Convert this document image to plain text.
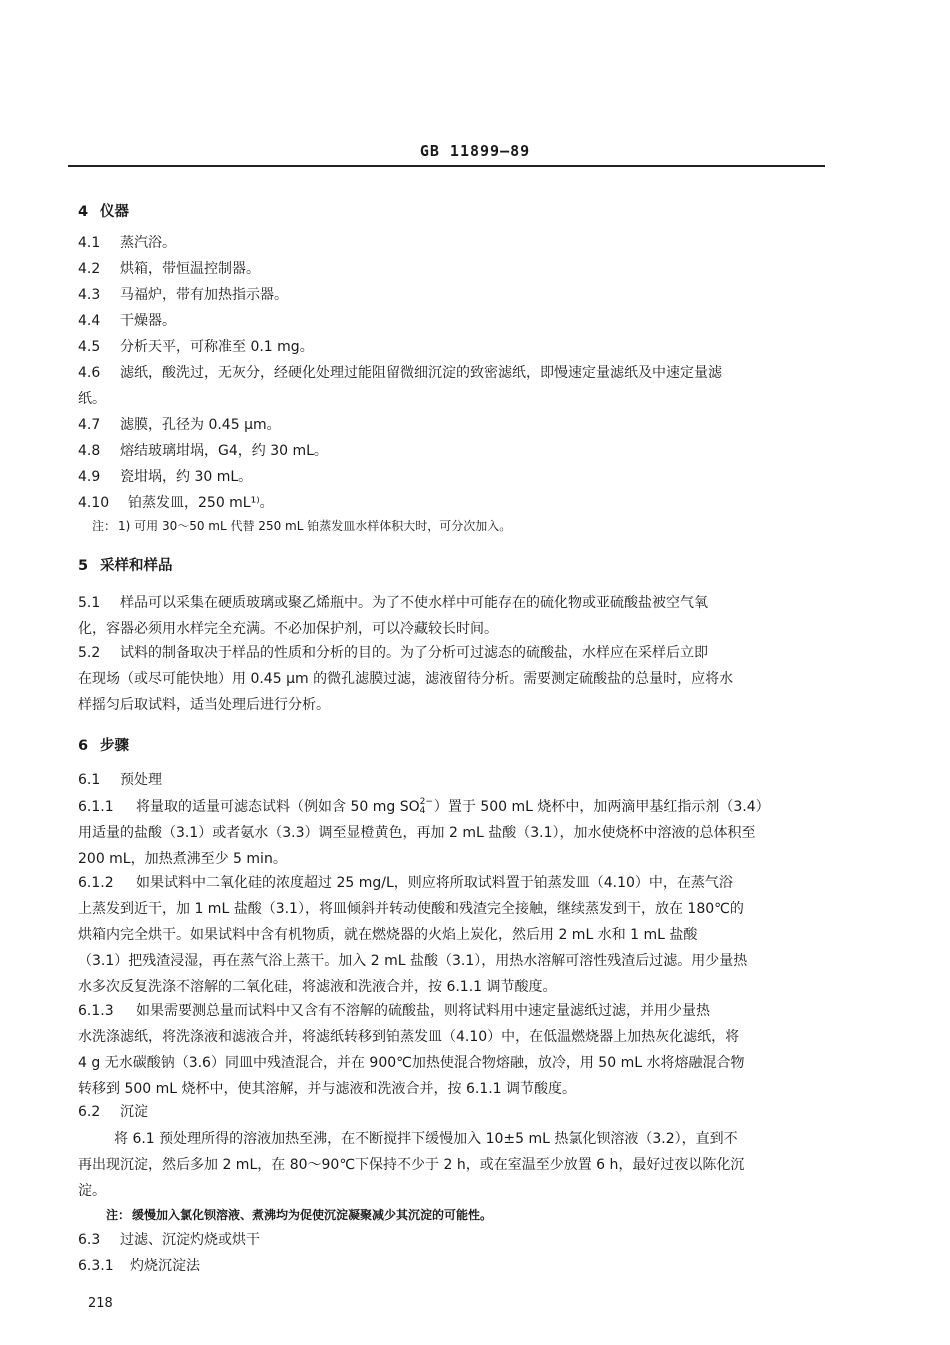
GB 11899—89
4 仪器
4.1 蒸汽浴。
4.2 烘箱，带恒温控制器。
4.3 马福炉，带有加热指示器。
4.4 干燥器。
4.5 分析天平，可称准至 0.1 mg。
4.6 滤纸，酸洗过，无灰分，经硬化处理过能阻留微细沉淀的致密滤纸，即慢速定量滤纸及中速定量滤
纸。
4.7 滤膜，孔径为 0.45 μm。
4.8 熔结玻璃坩埚，G4，约 30 mL。
4.9 瓷坩埚，约 30 mL。
4.10 铂蒸发皿，250 mL¹⁾。
注： 1) 可用 30～50 mL 代替 250 mL 铂蒸发皿水样体积大时，可分次加入。
5 采样和样品
5.1 样品可以采集在硬质玻璃或聚乙烯瓶中。为了不使水样中可能存在的硫化物或亚硫酸盐被空气氧
化，容器必须用水样完全充满。不必加保护剂，可以冷藏较长时间。
5.2 试料的制备取决于样品的性质和分析的目的。为了分析可过滤态的硫酸盐，水样应在采样后立即
在现场（或尽可能快地）用 0.45 μm 的微孔滤膜过滤，滤液留待分析。需要测定硫酸盐的总量时，应将水
样摇匀后取试料，适当处理后进行分析。
6 步骤
6.1 预处理
6.1.1 将量取的适量可滤态试料（例如含 50 mg SO 2−
4 ）置于 500 mL 烧杯中，加两滴甲基红指示剂（3.4）
用适量的盐酸（3.1）或者氨水（3.3）调至显橙黄色，再加 2 mL 盐酸（3.1），加水使烧杯中溶液的总体积至
200 mL，加热煮沸至少 5 min。
6.1.2 如果试料中二氧化硅的浓度超过 25 mg/L，则应将所取试料置于铂蒸发皿（4.10）中，在蒸气浴
上蒸发到近干，加 1 mL 盐酸（3.1），将皿倾斜并转动使酸和残渣完全接触，继续蒸发到干，放在 180℃的
烘箱内完全烘干。如果试料中含有机物质，就在燃烧器的火焰上炭化，然后用 2 mL 水和 1 mL 盐酸
（3.1）把残渣浸湿，再在蒸气浴上蒸干。加入 2 mL 盐酸（3.1），用热水溶解可溶性残渣后过滤。用少量热
水多次反复洗涤不溶解的二氧化硅，将滤液和洗液合并，按 6.1.1 调节酸度。
6.1.3 如果需要测总量而试料中又含有不溶解的硫酸盐，则将试料用中速定量滤纸过滤，并用少量热
水洗涤滤纸，将洗涤液和滤液合并，将滤纸转移到铂蒸发皿（4.10）中，在低温燃烧器上加热灰化滤纸，将
4 g 无水碳酸钠（3.6）同皿中残渣混合，并在 900℃加热使混合物熔融，放冷，用 50 mL 水将熔融混合物
转移到 500 mL 烧杯中，使其溶解，并与滤液和洗液合并，按 6.1.1 调节酸度。
6.2 沉淀
将 6.1 预处理所得的溶液加热至沸，在不断搅拌下缓慢加入 10±5 mL 热氯化钡溶液（3.2），直到不
再出现沉淀，然后多加 2 mL，在 80～90℃下保持不少于 2 h，或在室温至少放置 6 h，最好过夜以陈化沉
淀。
注： 缓慢加入氯化钡溶液、煮沸均为促使沉淀凝聚减少其沉淀的可能性。
6.3 过滤、沉淀灼烧或烘干
6.3.1 灼烧沉淀法
218
